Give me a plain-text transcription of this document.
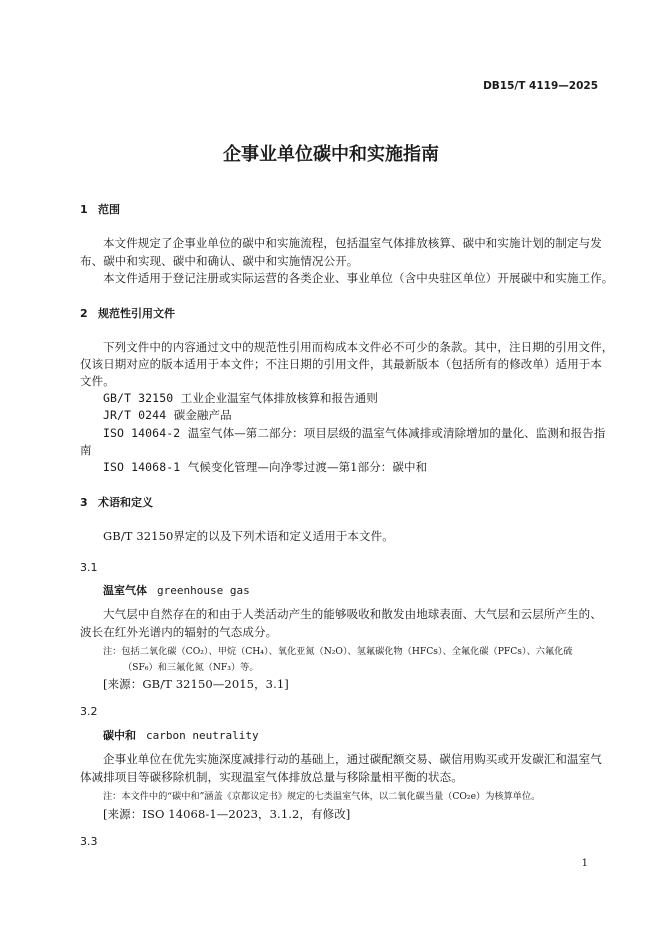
DB15/T 4119—2025
企事业单位碳中和实施指南
1 范围
本文件规定了企事业单位的碳中和实施流程，包括温室气体排放核算、碳中和实施计划的制定与发
布、碳中和实现、碳中和确认、碳中和实施情况公开。
本文件适用于登记注册或实际运营的各类企业、事业单位（含中央驻区单位）开展碳中和实施工作。
2 规范性引用文件
下列文件中的内容通过文中的规范性引用而构成本文件必不可少的条款。其中，注日期的引用文件，
仅该日期对应的版本适用于本文件；不注日期的引用文件，其最新版本（包括所有的修改单）适用于本
文件。
GB/T 32150 工业企业温室气体排放核算和报告通则
JR/T 0244 碳金融产品
ISO 14064-2 温室气体—第二部分：项目层级的温室气体减排或清除增加的量化、监测和报告指
南
ISO 14068-1 气候变化管理—向净零过渡—第1部分：碳中和
3 术语和定义
GB/T 32150界定的以及下列术语和定义适用于本文件。
3.1
温室气体 greenhouse gas
大气层中自然存在的和由于人类活动产生的能够吸收和散发由地球表面、大气层和云层所产生的、
波长在红外光谱内的辐射的气态成分。
注：包括二氧化碳（CO₂）、甲烷（CH₄）、氧化亚氮（N₂O）、氢氟碳化物（HFCs）、全氟化碳（PFCs）、六氟化硫
（SF₆）和三氟化氮（NF₃）等。
[来源：GB/T 32150—2015，3.1]
3.2
碳中和 carbon neutrality
企事业单位在优先实施深度减排行动的基础上，通过碳配额交易、碳信用购买或开发碳汇和温室气
体减排项目等碳移除机制，实现温室气体排放总量与移除量相平衡的状态。
注：本文件中的“碳中和”涵盖《京都议定书》规定的七类温室气体，以二氧化碳当量（CO₂e）为核算单位。
[来源：ISO 14068-1—2023，3.1.2，有修改]
3.3
1
